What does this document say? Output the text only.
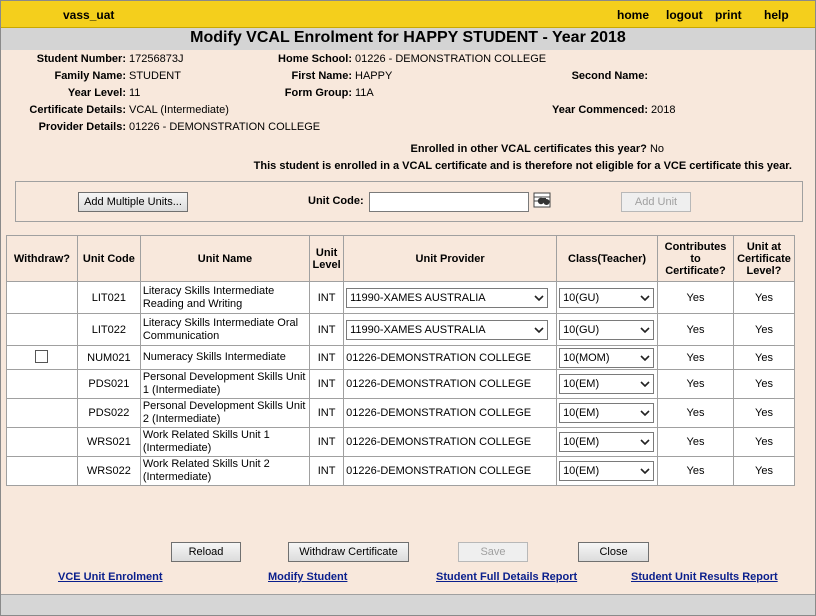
vass_uat	home logout print help
Modify VCAL Enrolment for HAPPY STUDENT - Year 2018
Student Number: 17256873J
Family Name: STUDENT
Year Level: 11
Certificate Details: VCAL (Intermediate)
Provider Details: 01226 - DEMONSTRATION COLLEGE
Home School: 01226 - DEMONSTRATION COLLEGE
First Name: HAPPY
Form Group: 11A
Second Name:
Year Commenced: 2018
Enrolled in other VCAL certificates this year? No
This student is enrolled in a VCAL certificate and is therefore not eligible for a VCE certificate this year.
Add Multiple Units...	Unit Code:	Add Unit
Withdraw?	Unit Code	Unit Name	Unit Level	Unit Provider	Class(Teacher)	Contributes to Certificate?	Unit at Certificate Level?
	LIT021	Literacy Skills Intermediate Reading and Writing	INT	11990-XAMES AUSTRALIA	10(GU)	Yes	Yes
	LIT022	Literacy Skills Intermediate Oral Communication	INT	11990-XAMES AUSTRALIA	10(GU)	Yes	Yes
	NUM021	Numeracy Skills Intermediate	INT	01226-DEMONSTRATION COLLEGE	10(MOM)	Yes	Yes
	PDS021	Personal Development Skills Unit 1 (Intermediate)	INT	01226-DEMONSTRATION COLLEGE	10(EM)	Yes	Yes
	PDS022	Personal Development Skills Unit 2 (Intermediate)	INT	01226-DEMONSTRATION COLLEGE	10(EM)	Yes	Yes
	WRS021	Work Related Skills Unit 1 (Intermediate)	INT	01226-DEMONSTRATION COLLEGE	10(EM)	Yes	Yes
	WRS022	Work Related Skills Unit 2 (Intermediate)	INT	01226-DEMONSTRATION COLLEGE	10(EM)	Yes	Yes
Reload	Withdraw Certificate	Save	Close
VCE Unit Enrolment	Modify Student	Student Full Details Report	Student Unit Results Report
